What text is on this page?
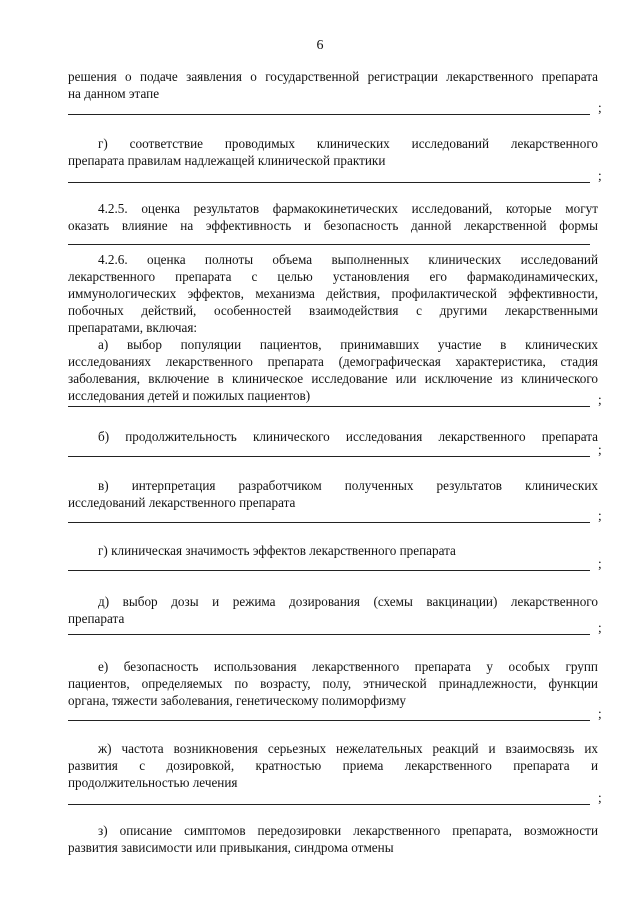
6
решения о подаче заявления о государственной регистрации лекарственного препарата
на данном этапе
;
г) соответствие проводимых клинических исследований лекарственного
препарата правилам надлежащей клинической практики
;
4.2.5. оценка результатов фармакокинетических исследований, которые могут
оказать влияние на эффективность и безопасность данной лекарственной формы
4.2.6. оценка полноты объема выполненных клинических исследований
лекарственного препарата с целью установления его фармакодинамических,
иммунологических эффектов, механизма действия, профилактической эффективности,
побочных действий, особенностей взаимодействия с другими лекарственными
препаратами, включая:
а) выбор популяции пациентов, принимавших участие в клинических
исследованиях лекарственного препарата (демографическая характеристика, стадия
заболевания, включение в клиническое исследование или исключение из клинического
исследования детей и пожилых пациентов)	;
б) продолжительность клинического исследования лекарственного препарата
;
в) интерпретация разработчиком полученных результатов клинических
исследований лекарственного препарата
;
г) клиническая значимость эффектов лекарственного препарата
;
д) выбор дозы и режима дозирования (схемы вакцинации) лекарственного
препарата
;
е) безопасность использования лекарственного препарата у особых групп
пациентов, определяемых по возрасту, полу, этнической принадлежности, функции
органа, тяжести заболевания, генетическому полиморфизму
;
ж) частота возникновения серьезных нежелательных реакций и взаимосвязь их
развития с дозировкой, кратностью приема лекарственного препарата и
продолжительностью лечения
;
з) описание симптомов передозировки лекарственного препарата, возможности
развития зависимости или привыкания, синдрома отмены
